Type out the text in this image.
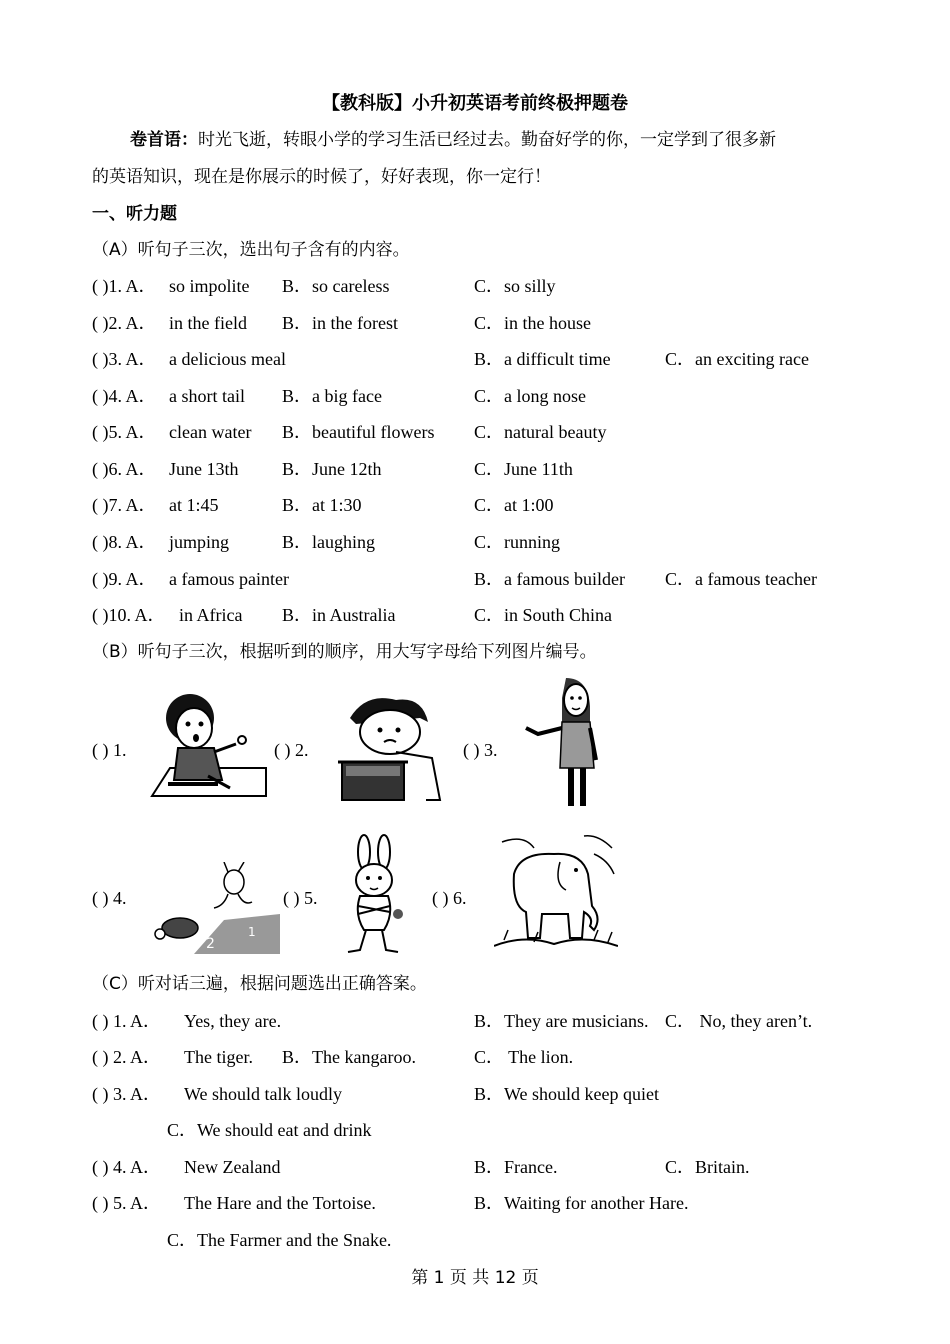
【教科版】小升初英语考前终极押题卷
卷首语：时光飞逝，转眼小学的学习生活已经过去。勤奋好学的你，一定学到了很多新
的英语知识，现在是你展示的时候了，好好表现，你一定行！
一、听力题
（A）听句子三次，选出句子含有的内容。
( )1. A． so impolite B．so careless	C．so silly
( )2. A． in the field B．in the forest	C．in the house
( )3. A． a delicious meal	B．a difficult time	C．an exciting race
( )4. A． a short tail B．a big face	C．a long nose
( )5. A． clean water B．beautiful flowers C．natural beauty
( )6. A． June 13th B．June 12th	C．June 11th
( )7. A． at 1:45	B．at 1:30	C．at 1:00
( )8. A． jumping	B．laughing	C．running
( )9. A． a famous painter	B．a famous builder C．a famous teacher
( )10. A． in Africa B．in Australia	C．in South China
（B）听句子三次，根据听到的顺序，用大写字母给下列图片编号。
( ) 1.	( ) 2.	( ) 3.
( ) 4.	( ) 5.	( ) 6.
1
2
（C）听对话三遍，根据问题选出正确答案。
( ) 1. A． Yes, they are.	B．They are musicians. C． No, they aren’t.
( ) 2. A． The tiger. B．The kangaroo.	C． The lion.
( ) 3. A． We should talk loudly	B．We should keep quiet
C．We should eat and drink
( ) 4. A． New Zealand	B．France.	C．Britain.
( ) 5. A． The Hare and the Tortoise.	B．Waiting for another Hare.
C．The Farmer and the Snake.
第 1 页 共 12 页
